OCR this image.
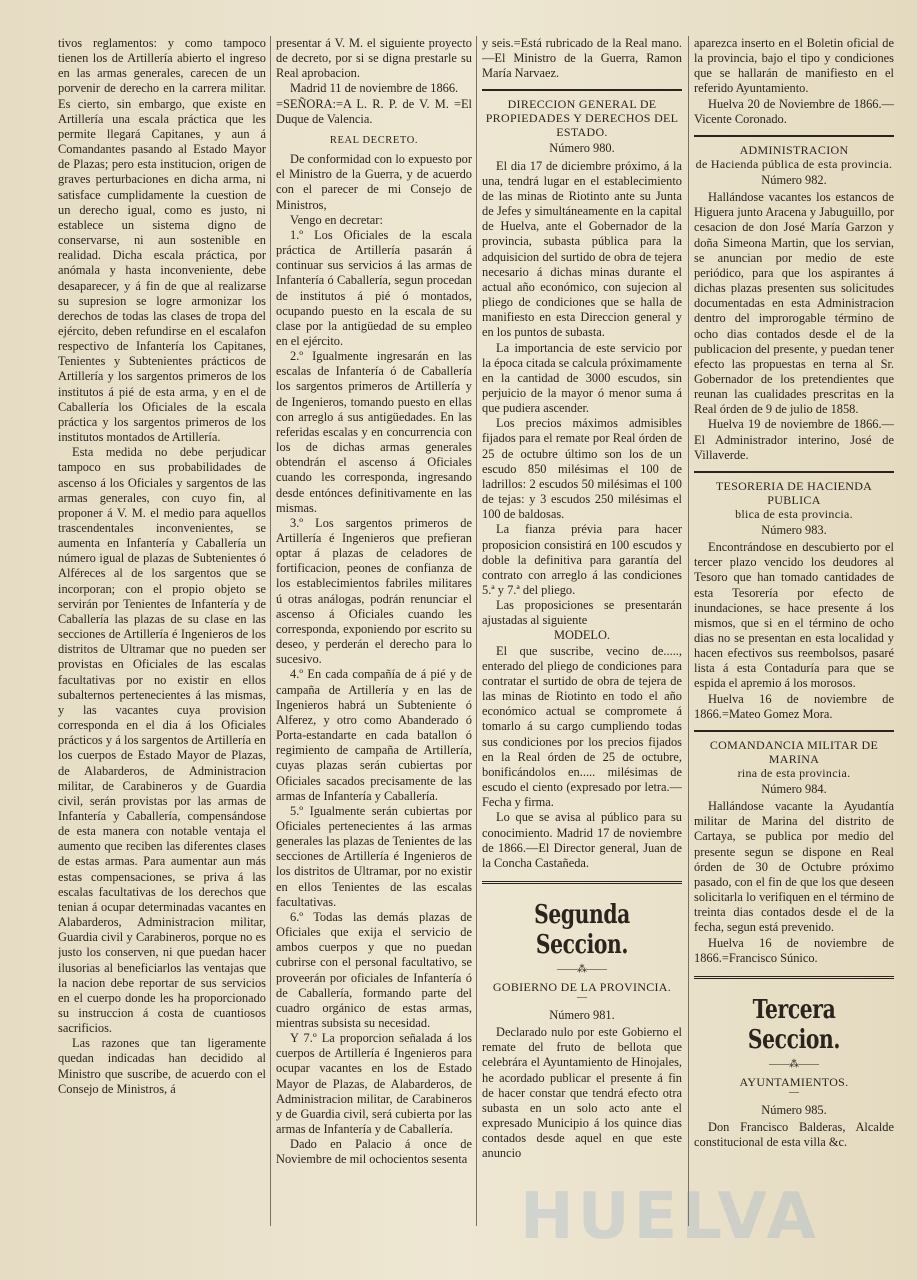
tivos reglamentos: y como tampoco tienen los de Artillería abierto el ingreso en las armas generales, carecen de un porvenir de derecho en la carrera militar. Es cierto, sin embargo, que existe en Artillería una escala práctica que les permite llegará Capitanes, y aun á Comandantes pasando al Estado Mayor de Plazas; pero esta institucion, origen de graves perturbaciones en dicha arma, ni satisface cumplidamente la cuestion de un derecho igual, como es justo, ni establece un sistema digno de conservarse, ni aun sostenible en realidad. Dicha escala práctica, por anómala y hasta inconveniente, debe desaparecer, y á fin de que al realizarse su supresion se logre armonizar los derechos de todas las clases de tropa del ejército, deben refundirse en el escalafon respectivo de Infantería los Capitanes, Tenientes y Subtenientes prácticos de Artillería y los sargentos primeros de los institutos á pié de esta arma, y en el de Caballería los Oficiales de la escala práctica y los sargentos primeros de los institutos montados de Artillería.

Esta medida no debe perjudicar tampoco en sus probabilidades de ascenso á los Oficiales y sargentos de las armas generales, con cuyo fin, al proponer á V. M. el medio para aquellos trascendentales inconvenientes, se aumenta en Infantería y Caballería un número igual de plazas de Subtenientes ó Alféreces al de los sargentos que se incorporan; con el propio objeto se servirán por Tenientes de Infantería y de Caballería las plazas de su clase en las secciones de Artillería é Ingenieros de los distritos de Ultramar que no pueden ser provistas en Oficiales de las escalas facultativas por no existir en ellos subalternos pertenecientes á las mismas, y las vacantes cuya provision corresponda en el dia á los Oficiales prácticos y á los sargentos de Artillería en los cuerpos de Estado Mayor de Plazas, de Alabarderos, de Administracion militar, de Carabineros y de Guardia civil, serán provistas por las armas de Infantería y Caballería, compensándose de esta manera con notable ventaja el aumento que reciben las diferentes clases de estas armas. Para aumentar aun más estas compensaciones, se priva á las escalas facultativas de los derechos que tenian á ocupar determinadas vacantes en Alabarderos, Administracion militar, Guardia civil y Carabineros, porque no es justo los conserven, ni que puedan hacer ilusorias al beneficiarlos las ventajas que la nacion debe reportar de sus servicios en el cuerpo donde les ha proporcionado su instruccion á costa de cuantiosos sacrificios.

Las razones que tan ligeramente quedan indicadas han decidido al Ministro que suscribe, de acuerdo con el Consejo de Ministros, á

presentar á V. M. el siguiente proyecto de decreto, por si se digna prestarle su Real aprobacion.

Madrid 11 de noviembre de 1866.

=SEÑORA:=A L. R. P. de V. M. =El Duque de Valencia.

REAL DECRETO.

De conformidad con lo expuesto por el Ministro de la Guerra, y de acuerdo con el parecer de mi Consejo de Ministros,

Vengo en decretar:

1.º Los Oficiales de la escala práctica de Artillería pasarán á continuar sus servicios á las armas de Infantería ó Caballería, segun procedan de institutos á pié ó montados, ocupando puesto en la escala de su clase por la antigüedad de su empleo en el ejército.

2.º Igualmente ingresarán en las escalas de Infantería ó de Caballería los sargentos primeros de Artillería y de Ingenieros, tomando puesto en ellas con arreglo á sus antigüedades. En las referidas escalas y en concurrencia con los de dichas armas generales obtendrán el ascenso á Oficiales cuando les corresponda, ingresando desde entónces definitivamente en las mismas.

3.º Los sargentos primeros de Artillería é Ingenieros que prefieran optar á plazas de celadores de fortificacion, peones de confianza de los establecimientos fabriles militares ú otras análogas, podrán renunciar el ascenso á Oficiales cuando les corresponda, exponiendo por escrito su deseo, y perderán el derecho para lo sucesivo.

4.º En cada compañía de á pié y de campaña de Artillería y en las de Ingenieros habrá un Subteniente ó Alferez, y otro como Abanderado ó Porta-estandarte en cada batallon ó regimiento de campaña de Artillería, cuyas plazas serán cubiertas por Oficiales sacados precisamente de las armas de Infantería y Caballería.

5.º Igualmente serán cubiertas por Oficiales pertenecientes á las armas generales las plazas de Tenientes de las secciones de Artillería é Ingenieros de los distritos de Ultramar, por no existir en ellos Tenientes de las escalas facultativas.

6.º Todas las demás plazas de Oficiales que exija el servicio de ambos cuerpos y que no puedan cubrirse con el personal facultativo, se proveerán por oficiales de Infantería ó de Caballería, formando parte del cuadro orgánico de estas armas, mientras subsista su necesidad.

Y 7.º La proporcion señalada á los cuerpos de Artillería é Ingenieros para ocupar vacantes en los de Estado Mayor de Plazas, de Alabarderos, de Administracion militar, de Carabineros y de Guardia civil, será cubierta por las armas de Infantería y de Caballería.

Dado en Palacio á once de Noviembre de mil ochocientos sesenta

y seis.=Está rubricado de la Real mano.—El Ministro de la Guerra, Ramon María Narvaez.

DIRECCION GENERAL DE PROPIEDADES Y DERECHOS DEL ESTADO.

Número 980.

El dia 17 de diciembre próximo, á la una, tendrá lugar en el establecimiento de las minas de Riotinto ante su Junta de Jefes y simultáneamente en la capital de Huelva, ante el Gobernador de la provincia, subasta pública para la adquisicion del surtido de obra de tejera necesario á dichas minas durante el actual año económico, con sujecion al pliego de condiciones que se halla de manifiesto en esta Direccion general y en los puntos de subasta.

La importancia de este servicio por la época citada se calcula próximamente en la cantidad de 3000 escudos, sin perjuicio de la mayor ó menor suma á que pudiera ascender.

Los precios máximos admisibles fijados para el remate por Real órden de 25 de octubre último son los de un escudo 850 milésimas el 100 de ladrillos: 2 escudos 50 milésimas el 100 de tejas: y 3 escudos 250 milésimas el 100 de baldosas.

La fianza prévia para hacer proposicion consistirá en 100 escudos y doble la definitiva para garantía del contrato con arreglo á las condiciones 5.ª y 7.ª del pliego.

Las proposiciones se presentarán ajustadas al siguiente

MODELO.

El que suscribe, vecino de....., enterado del pliego de condiciones para contratar el surtido de obra de tejera de las minas de Riotinto en todo el año económico actual se compromete á tomarlo á su cargo cumpliendo todas sus condiciones por los precios fijados en la Real órden de 25 de octubre, bonificándolos en..... milésimas de escudo el ciento (expresado por letra.—Fecha y firma.

Lo que se avisa al público para su conocimiento. Madrid 17 de noviembre de 1866.—El Director general, Juan de la Concha Castañeda.

Segunda Seccion.

——⁂——

GOBIERNO DE LA PROVINCIA.

—

Número 981.

Declarado nulo por este Gobierno el remate del fruto de bellota que celebrára el Ayuntamiento de Hinojales, he acordado publicar el presente á fin de hacer constar que tendrá efecto otra subasta en un solo acto ante el expresado Municipio á los quince dias contados desde aquel en que este anuncio

aparezca inserto en el Boletin oficial de la provincia, bajo el tipo y condiciones que se hallarán de manifiesto en el referido Ayuntamiento.

Huelva 20 de Noviembre de 1866.—Vicente Coronado.

ADMINISTRACION

de Hacienda pública de esta provincia.

Número 982.

Hallándose vacantes los estancos de Higuera junto Aracena y Jabuguillo, por cesacion de don José María Garzon y doña Simeona Martin, que los servian, se anuncian por medio de este periódico, para que los aspirantes á dichas plazas presenten sus solicitudes documentadas en esta Administracion dentro del improrogable término de ocho dias contados desde el de la publicacion del presente, y puedan tener efecto las propuestas en terna al Sr. Gobernador de los pretendientes que reunan las cualidades prescritas en la Real órden de 9 de julio de 1858.

Huelva 19 de noviembre de 1866.—El Administrador interino, José de Villaverde.

TESORERIA DE HACIENDA PUBLICA

blica de esta provincia.

Número 983.

Encontrándose en descubierto por el tercer plazo vencido los deudores al Tesoro que han tomado cantidades de esta Tesorería por efecto de inundaciones, se hace presente á los mismos, que si en el término de ocho dias no se presentan en esta localidad y hacen efectivos sus reembolsos, pasaré lista á esta Contaduría para que se espida el apremio á los morosos.

Huelva 16 de noviembre de 1866.=Mateo Gomez Mora.

COMANDANCIA MILITAR DE MARINA

rina de esta provincia.

Número 984.

Hallándose vacante la Ayudantía militar de Marina del distrito de Cartaya, se publica por medio del presente segun se dispone en Real órden de 30 de Octubre próximo pasado, con el fin de que los que deseen solicitarla lo verifiquen en el término de treinta dias contados desde el de la fecha, segun está prevenido.

Huelva 16 de noviembre de 1866.=Francisco Súnico.

Tercera Seccion.

——⁂——

AYUNTAMIENTOS.

—

Número 985.

Don Francisco Balderas, Alcalde constitucional de esta villa &c.

HUELVA
